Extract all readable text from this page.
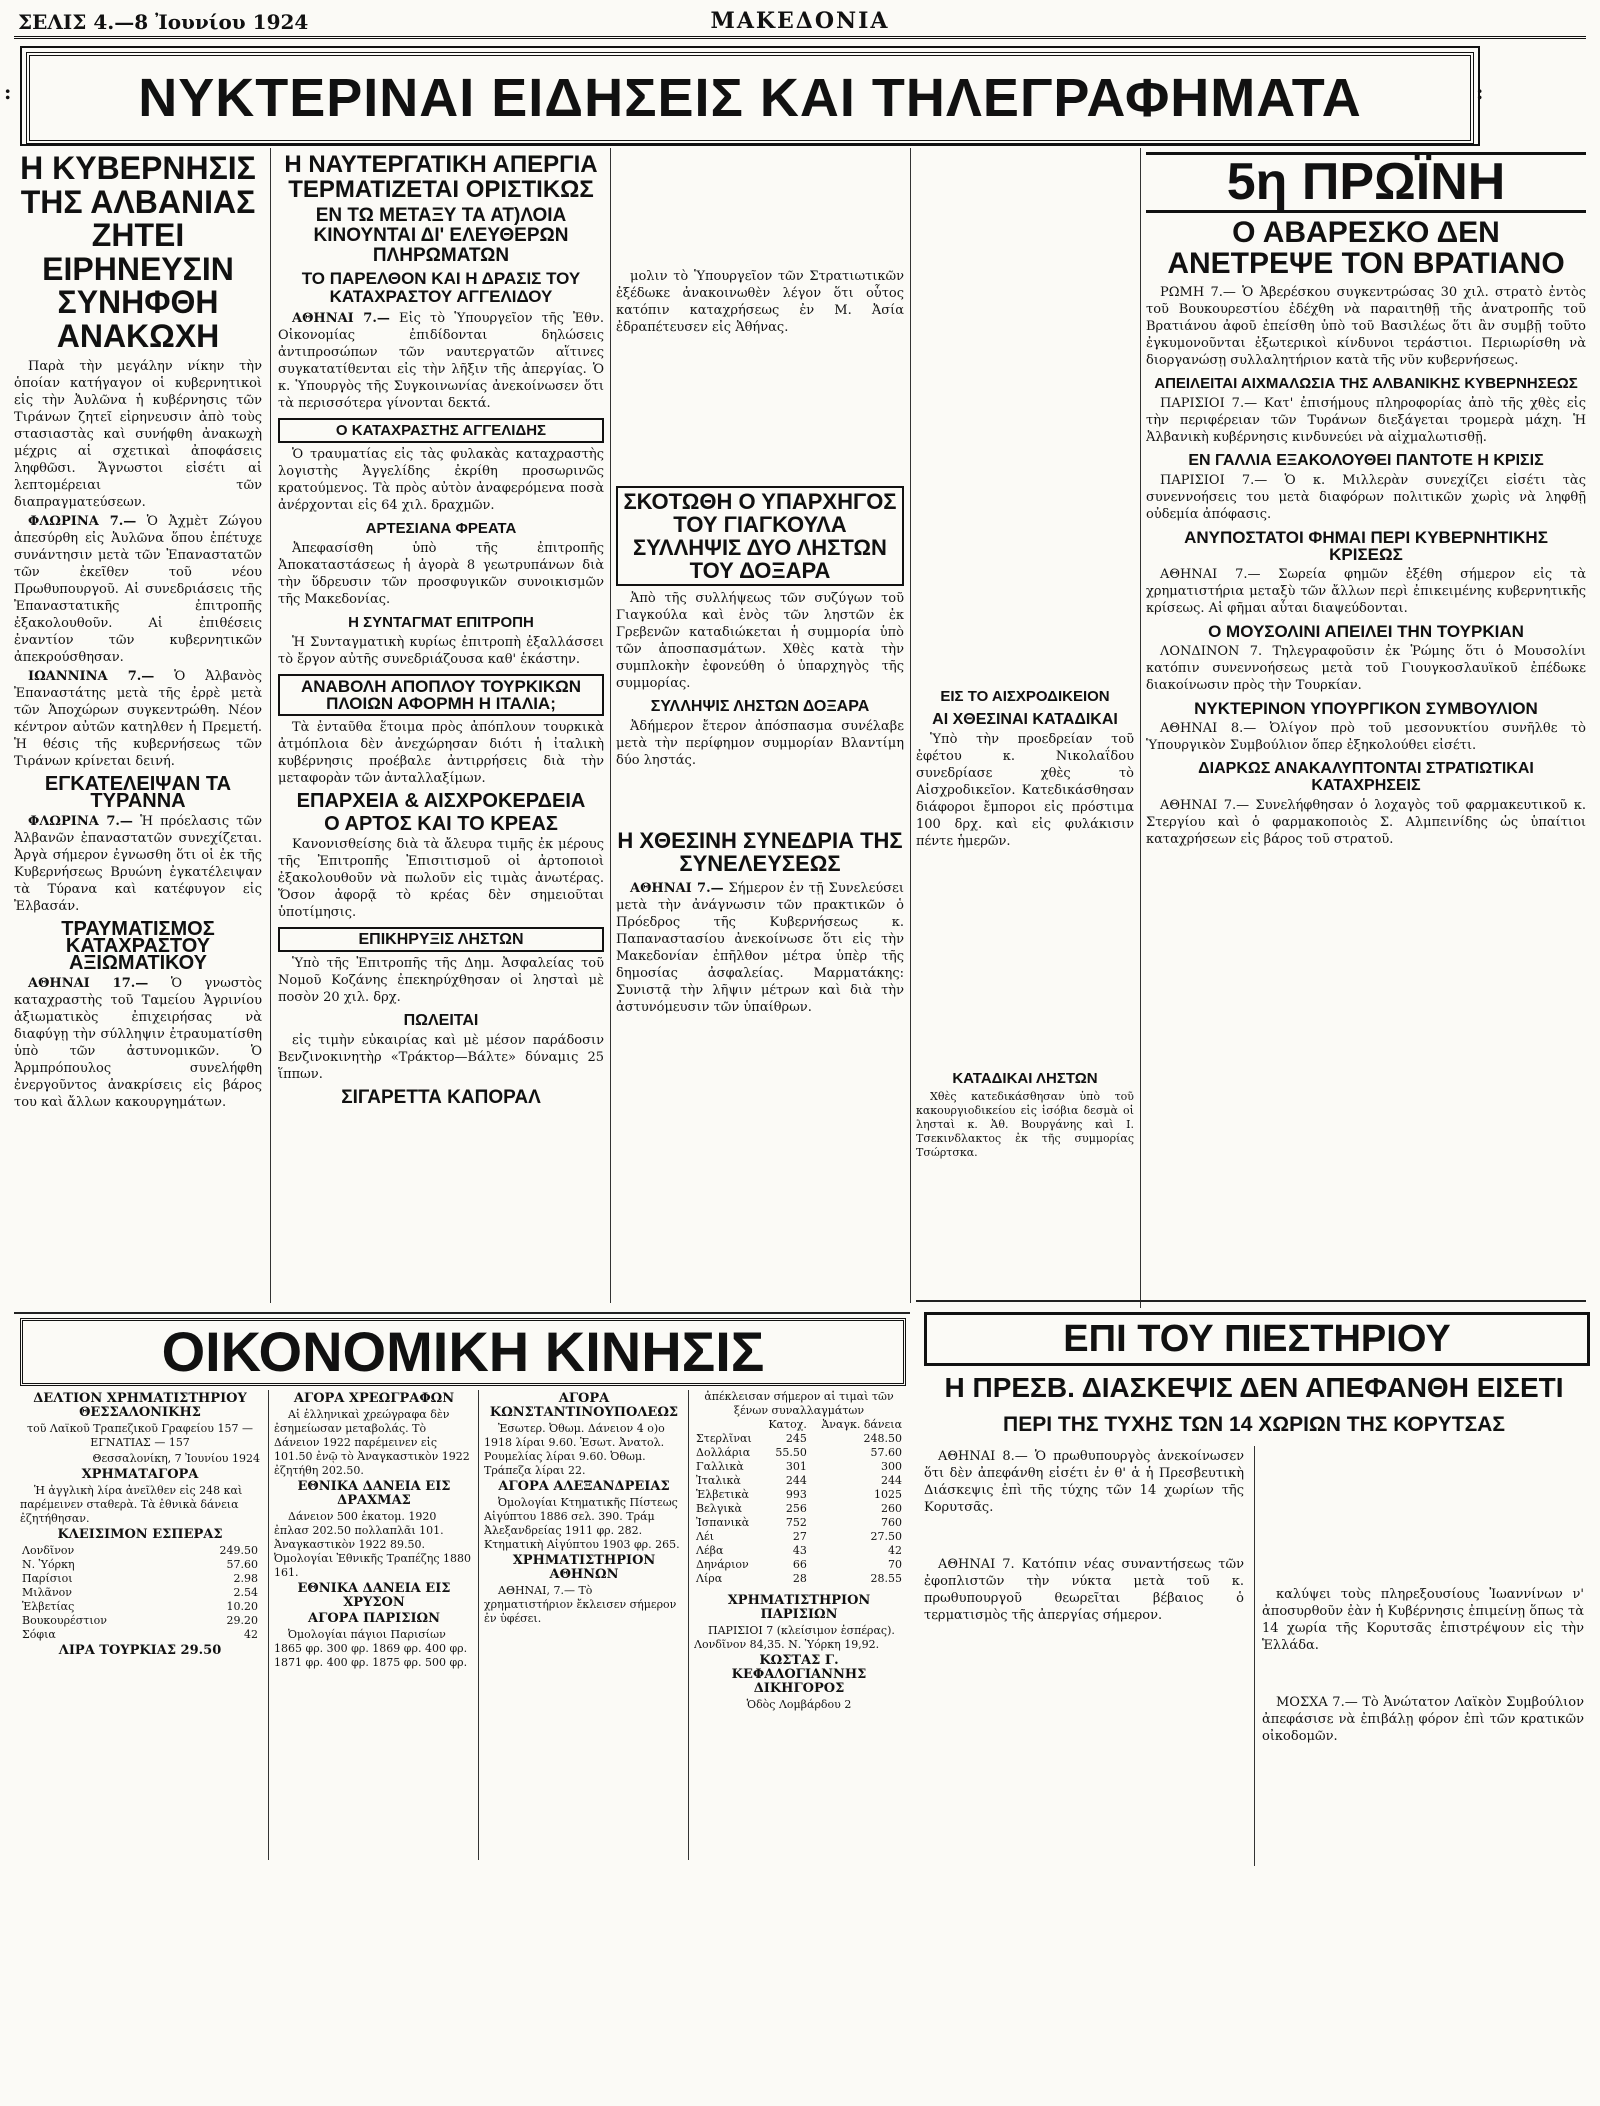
ΣΕΛΙΣ 4.—8 Ἰουνίου 1924	ΜΑΚΕΔΟΝΙΑ
ΝΥΚΤΕΡΙΝΑΙ ΕΙΔΗΣΕΙΣ ΚΑΙ ΤΗΛΕΓΡΑΦΗΜΑΤΑ
:	:
Η ΚΥΒΕΡΝΗΣΙΣ ΤΗΣ ΑΛΒΑΝΙΑΣ ΖΗΤΕΙ ΕΙΡΗΝΕΥΣΙΝ ΣΥΝΗΦΘΗ ΑΝΑΚΩΧΗ

Παρὰ τὴν μεγάλην νίκην τὴν ὁποίαν κατήγαγον οἱ κυβερνητικοὶ εἰς τὴν Ἀυλῶνα ἡ κυβέρνησις τῶν Τιράνων ζητεῖ εἰρηνευσιν ἀπὸ τοὺς στασιαστὰς καὶ συνήφθη ἀνακωχὴ μέχρις αἱ σχετικαὶ ἀποφάσεις ληφθῶσι. Ἄγνωστοι εἰσέτι αἱ λεπτομέρειαι τῶν διαπραγματεύσεων.

ΦΛΩΡΙΝΑ 7.— Ὁ Ἀχμὲτ Ζώγου ἀπεσύρθη εἰς Ἀυλῶνα ὅπου ἐπέτυχε συνάντησιν μετὰ τῶν Ἐπαναστατῶν τῶν ἐκεῖθεν τοῦ νέου Πρωθυπουργοῦ. Αἱ συνεδριάσεις τῆς Ἐπαναστατικῆς ἐπιτροπῆς ἐξακολουθοῦν. Αἱ ἐπιθέσεις ἐναντίον τῶν κυβερνητικῶν ἀπεκρούσθησαν.

ΙΩΑΝΝΙΝΑ 7.— Ὁ Ἀλβανὸς Ἐπαναστάτης μετὰ τῆς ἐρρὲ μετὰ τῶν Ἀποχώρων συγκεντρώθη. Νέον κέντρον αὐτῶν κατηλθεν ἡ Πρεμετή. Ἡ θέσις τῆς κυβερνήσεως τῶν Τιράνων κρίνεται δεινή.

ΕΓΚΑΤΕΛΕΙΨΑΝ ΤΑ ΤΥΡΑΝΝΑ

ΦΛΩΡΙΝΑ 7.— Ἡ πρόελασις τῶν Ἀλβανῶν ἐπαναστατῶν συνεχίζεται. Ἀργὰ σήμερον ἐγνωσθη ὅτι οἱ ἐκ τῆς Κυβερνήσεως Βρυώνη ἐγκατέλειψαν τὰ Τύρανα καὶ κατέφυγον εἰς Ἐλβασάν.

ΤΡΑΥΜΑΤΙΣΜΟΣ ΚΑΤΑΧΡΑΣΤΟΥ ΑΞΙΩΜΑΤΙΚΟΥ

ΑΘΗΝΑΙ 17.— Ὁ γνωστὸς καταχραστὴς τοῦ Ταμείου Ἀγρινίου ἀξιωματικὸς ἐπιχειρήσας νὰ διαφύγῃ τὴν σύλληψιν ἐτραυματίσθη ὑπὸ τῶν ἀστυνομικῶν. Ὁ Ἀρμπρόπουλος συνελήφθη ἐνεργοῦντος ἀνακρίσεις εἰς βάρος του καὶ ἄλλων κακουργημάτων.

Η ΝΑΥΤΕΡΓΑΤΙΚΗ ΑΠΕΡΓΙΑ ΤΕΡΜΑΤΙΖΕΤΑΙ ΟΡΙΣΤΙΚΩΣ
ΕΝ ΤΩ ΜΕΤΑΞΥ ΤΑ ΑΤ)ΛΟΙΑ ΚΙΝΟΥΝΤΑΙ ΔΙ' ΕΛΕΥΘΕΡΩΝ ΠΛΗΡΩΜΑΤΩΝ
ΤΟ ΠΑΡΕΛΘΟΝ ΚΑΙ Η ΔΡΑΣΙΣ ΤΟΥ ΚΑΤΑΧΡΑΣΤΟΥ ΑΓΓΕΛΙΔΟΥ

ΑΘΗΝΑΙ 7.— Εἰς τὸ Ὑπουργεῖον τῆς Ἐθν. Οἰκονομίας ἐπιδίδονται δηλώσεις ἀντιπροσώπων τῶν ναυτεργατῶν αἵτινες συγκατατίθενται εἰς τὴν λῆξιν τῆς ἀπεργίας. Ὁ κ. Ὑπουργὸς τῆς Συγκοινωνίας ἀνεκοίνωσεν ὅτι τὰ περισσότερα γίνονται δεκτά.

Ο ΚΑΤΑΧΡΑΣΤΗΣ ΑΓΓΕΛΙΔΗΣ

Ὁ τραυματίας εἰς τὰς φυλακὰς καταχραστὴς λογιστὴς Ἀγγελίδης ἐκρίθη προσωρινῶς κρατούμενος. Τὰ πρὸς αὐτὸν ἀναφερόμενα ποσὰ ἀνέρχονται εἰς 64 χιλ. δραχμῶν.

ΑΡΤΕΣΙΑΝΑ ΦΡΕΑΤΑ

Ἀπεφασίσθη ὑπὸ τῆς ἐπιτροπῆς Ἀποκαταστάσεως ἡ ἀγορὰ 8 γεωτρυπάνων διὰ τὴν ὕδρευσιν τῶν προσφυγικῶν συνοικισμῶν τῆς Μακεδονίας.

Η ΣΥΝΤΑΓΜΑΤ ΕΠΙΤΡΟΠΗ

Ἡ Συνταγματικὴ κυρίως ἐπιτροπὴ ἐξαλλάσσει τὸ ἔργον αὐτῆς συνεδριάζουσα καθ' ἑκάστην.

ΑΝΑΒΟΛΗ ΑΠΟΠΛΟΥ ΤΟΥΡΚΙΚΩΝ ΠΛΟΙΩΝ ΑΦΟΡΜΗ Η ΙΤΑΛΙΑ;

Τὰ ἐνταῦθα ἕτοιμα πρὸς ἀπόπλουν τουρκικὰ ἀτμόπλοια δὲν ἀνεχώρησαν διότι ἡ ἰταλικὴ κυβέρνησις προέβαλε ἀντιρρήσεις διὰ τὴν μεταφορὰν τῶν ἀνταλλαξίμων.

ΕΠΑΡΧΕΙΑ & ΑΙΣΧΡΟΚΕΡΔΕΙΑ
Ο ΑΡΤΟΣ ΚΑΙ ΤΟ ΚΡΕΑΣ

Κανονισθείσης διὰ τὰ ἄλευρα τιμῆς ἐκ μέρους τῆς Ἐπιτροπῆς Ἐπισιτισμοῦ οἱ ἀρτοποιοὶ ἐξακολουθοῦν νὰ πωλοῦν εἰς τιμὰς ἀνωτέρας. Ὅσον ἀφορᾷ τὸ κρέας δὲν σημειοῦται ὑποτίμησις.

ΕΠΙΚΗΡΥΞΙΣ ΛΗΣΤΩΝ

Ὑπὸ τῆς Ἐπιτροπῆς τῆς Δημ. Ἀσφαλείας τοῦ Νομοῦ Κοζάνης ἐπεκηρύχθησαν οἱ λησταὶ μὲ ποσὸν 20 χιλ. δρχ.

ΠΩΛΕΙΤΑΙ

εἰς τιμὴν εὐκαιρίας καὶ μὲ μέσον παράδοσιν Βενζινοκινητὴρ «Τράκτορ—Βάλτε» δύναμις 25 ἵππων.

ΣΙΓΑΡΕΤΤΑ ΚΑΠΟΡΑΛ

μολιν τὸ Ὑπουργεῖον τῶν Στρατιωτικῶν ἐξέδωκε ἀνακοινωθὲν λέγον ὅτι οὗτος κατόπιν καταχρήσεως ἐν Μ. Ἀσία ἐδραπέτευσεν εἰς Ἀθήνας.

ΣΚΟΤΩΘΗ Ο ΥΠΑΡΧΗΓΟΣ ΤΟΥ ΓΙΑΓΚΟΥΛΑ ΣΥΛΛΗΨΙΣ ΔΥΟ ΛΗΣΤΩΝ ΤΟΥ ΔΟΞΑΡΑ

Ἀπὸ τῆς συλλήψεως τῶν συζύγων τοῦ Γιαγκούλα καὶ ἑνὸς τῶν ληστῶν ἐκ Γρεβενῶν καταδιώκεται ἡ συμμορία ὑπὸ τῶν ἀποσπασμάτων. Χθὲς κατὰ τὴν συμπλοκὴν ἐφονεύθη ὁ ὑπαρχηγὸς τῆς συμμορίας.

ΣΥΛΛΗΨΙΣ ΛΗΣΤΩΝ ΔΟΞΑΡΑ

Ἀδήμερον ἔτερον ἀπόσπασμα συνέλαβε μετὰ τὴν περίφημον συμμορίαν Βλαντίμη δύο ληστάς.

Η ΧΘΕΣΙΝΗ ΣΥΝΕΔΡΙΑ ΤΗΣ ΣΥΝΕΛΕΥΣΕΩΣ

ΑΘΗΝΑΙ 7.— Σήμερον ἐν τῇ Συνελεύσει μετὰ τὴν ἀνάγνωσιν τῶν πρακτικῶν ὁ Πρόεδρος τῆς Κυβερνήσεως κ. Παπαναστασίου ἀνεκοίνωσε ὅτι εἰς τὴν Μακεδονίαν ἐπῆλθον μέτρα ὑπὲρ τῆς δημοσίας ἀσφαλείας. Μαρματάκης: Συνιστᾷ τὴν λῆψιν μέτρων καὶ διὰ τὴν ἀστυνόμευσιν τῶν ὑπαίθρων.

ΕΙΣ ΤΟ ΑΙΣΧΡΟΔΙΚΕΙΟΝ
ΑΙ ΧΘΕΣΙΝΑΙ ΚΑΤΑΔΙΚΑΙ

Ὑπὸ τὴν προεδρείαν τοῦ ἐφέτου κ. Νικολαΐδου συνεδρίασε χθὲς τὸ Αἰσχροδικεῖον. Κατεδικάσθησαν διάφοροι ἔμποροι εἰς πρόστιμα 100 δρχ. καὶ εἰς φυλάκισιν πέντε ἡμερῶν.

ΚΑΤΑΔΙΚΑΙ ΛΗΣΤΩΝ

Χθὲς κατεδικάσθησαν ὑπὸ τοῦ κακουργιοδικείου εἰς ἰσόβια δεσμὰ οἱ λησταὶ κ. Ἀθ. Βουργάνης καὶ Ι. Τσεκινδλακτος ἐκ τῆς συμμορίας Τσώρτσκα.

5η ΠΡΩΪΝΗ
Ο ΑΒΑΡΕΣΚΟ ΔΕΝ ΑΝΕΤΡΕΨΕ ΤΟΝ ΒΡΑΤΙΑΝΟ

ΡΩΜΗ 7.— Ὁ Ἀβερέσκου συγκεντρώσας 30 χιλ. στρατὸ ἐντὸς τοῦ Βουκουρεστίου ἐδέχθη νὰ παραιτηθῇ τῆς ἀνατροπῆς τοῦ Βρατιάνου ἀφοῦ ἐπείσθη ὑπὸ τοῦ Βασιλέως ὅτι ἂν συμβῇ τοῦτο ἐγκυμονοῦνται ἐξωτερικοὶ κίνδυνοι τεράστιοι. Περιωρίσθη νὰ διοργανώσῃ συλλαλητήριον κατὰ τῆς νῦν κυβερνήσεως.

ΑΠΕΙΛΕΙΤΑΙ ΑΙΧΜΑΛΩΣΙΑ ΤΗΣ ΑΛΒΑΝΙΚΗΣ ΚΥΒΕΡΝΗΣΕΩΣ

ΠΑΡΙΣΙΟΙ 7.— Κατ' ἐπισήμους πληροφορίας ἀπὸ τῆς χθὲς εἰς τὴν περιφέρειαν τῶν Τυράνων διεξάγεται τρομερὰ μάχη. Ἡ Ἀλβανικὴ κυβέρνησις κινδυνεύει νὰ αἰχμαλωτισθῇ.

ΕΝ ΓΑΛΛΙΑ ΕΞΑΚΟΛΟΥΘΕΙ ΠΑΝΤΟΤΕ Η ΚΡΙΣΙΣ

ΠΑΡΙΣΙΟΙ 7.— Ὁ κ. Μιλλερὰν συνεχίζει εἰσέτι τὰς συνεννοήσεις του μετὰ διαφόρων πολιτικῶν χωρὶς νὰ ληφθῇ οὐδεμία ἀπόφασις.

ΑΝΥΠΟΣΤΑΤΟΙ ΦΗΜΑΙ ΠΕΡΙ ΚΥΒΕΡΝΗΤΙΚΗΣ ΚΡΙΣΕΩΣ

ΑΘΗΝΑΙ 7.— Σωρεία φημῶν ἐξέθη σήμερον εἰς τὰ χρηματιστήρια μεταξὺ τῶν ἄλλων περὶ ἐπικειμένης κυβερνητικῆς κρίσεως. Αἱ φῆμαι αὗται διαψεύδονται.

Ο ΜΟΥΣΟΛΙΝΙ ΑΠΕΙΛΕΙ ΤΗΝ ΤΟΥΡΚΙΑΝ

ΛΟΝΔΙΝΟΝ 7. Τηλεγραφοῦσιν ἐκ Ῥώμης ὅτι ὁ Μουσολίνι κατόπιν συνεννοήσεως μετὰ τοῦ Γιουγκοσλαυϊκοῦ ἐπέδωκε διακοίνωσιν πρὸς τὴν Τουρκίαν.

ΝΥΚΤΕΡΙΝΟΝ ΥΠΟΥΡΓΙΚΟΝ ΣΥΜΒΟΥΛΙΟΝ

ΑΘΗΝΑΙ 8.— Ὀλίγον πρὸ τοῦ μεσονυκτίου συνῆλθε τὸ Ὑπουργικὸν Συμβούλιον ὅπερ ἐξηκολούθει εἰσέτι.

ΔΙΑΡΚΩΣ ΑΝΑΚΑΛΥΠΤΟΝΤΑΙ ΣΤΡΑΤΙΩΤΙΚΑΙ ΚΑΤΑΧΡΗΣΕΙΣ

ΑΘΗΝΑΙ 7.— Συνελήφθησαν ὁ λοχαγὸς τοῦ φαρμακευτικοῦ κ. Στεργίου καὶ ὁ φαρμακοποιὸς Σ. Αλμπεινίδης ὡς ὑπαίτιοι καταχρήσεων εἰς βάρος τοῦ στρατοῦ.

ΕΠΙ ΤΟΥ ΠΙΕΣΤΗΡΙΟΥ
Η ΠΡΕΣΒ. ΔΙΑΣΚΕΨΙΣ ΔΕΝ ΑΠΕΦΑΝΘΗ ΕΙΣΕΤΙ
ΠΕΡΙ ΤΗΣ ΤΥΧΗΣ ΤΩΝ 14 ΧΩΡΙΩΝ ΤΗΣ ΚΟΡΥΤΣΑΣ

ΑΘΗΝΑΙ 8.— Ὁ πρωθυπουργὸς ἀνεκοίνωσεν ὅτι δὲν ἀπεφάνθη εἰσέτι ἐν θ' ἁ ἡ Πρεσβευτικὴ Διάσκεψις ἐπὶ τῆς τύχης τῶν 14 χωρίων τῆς Κορυτσᾶς.

ΑΘΗΝΑΙ 7. Κατόπιν νέας συναντήσεως τῶν ἐφοπλιστῶν τὴν νύκτα μετὰ τοῦ κ. πρωθυπουργοῦ θεωρεῖται βέβαιος ὁ τερματισμὸς τῆς ἀπεργίας σήμερον.

καλύψει τοὺς πληρεξουσίους Ἰωαννίνων ν' ἀποσυρθοῦν ἐὰν ἡ Κυβέρνησις ἐπιμείνῃ ὅπως τὰ 14 χωρία τῆς Κορυτσᾶς ἐπιστρέψουν εἰς τὴν Ἑλλάδα.

ΜΟΣΧΑ 7.— Τὸ Ἀνώτατον Λαϊκὸν Συμβούλιον ἀπεφάσισε νὰ ἐπιβάλῃ φόρον ἐπὶ τῶν κρατικῶν οἰκοδομῶν.

ΟΙΚΟΝΟΜΙΚΗ ΚΙΝΗΣΙΣ
ΔΕΛΤΙΟΝ ΧΡΗΜΑΤΙΣΤΗΡΙΟΥ ΘΕΣΣΑΛΟΝΙΚΗΣ
τοῦ Λαϊκοῦ Τραπεζικοῦ Γραφείου 157 — ΕΓΝΑΤΙΑΣ — 157
Θεσσαλονίκη, 7 Ἰουνίου 1924
ΧΡΗΜΑΤΑΓΟΡΑ

Ἡ ἀγγλικὴ λίρα ἀνεῖλθεν εἰς 248 καὶ παρέμεινεν σταθερὰ. Τὰ ἐθνικὰ δάνεια ἐζητήθησαν.

ΚΛΕΙΣΙΜΟΝ ΕΣΠΕΡΑΣ
Λονδῖνον	249.50
Ν. Ὑόρκη	57.60
Παρίσιοι	2.98
Μιλᾶνον	2.54
Ἑλβετίας	10.20
Βουκουρέστιον	29.20
Σόφια	42
ΛΙΡΑ ΤΟΥΡΚΙΑΣ 29.50
ΑΓΟΡΑ ΧΡΕΩΓΡΑΦΩΝ

Αἱ ἑλληνικαὶ χρεώγραφα δὲν ἐσημείωσαν μεταβολάς. Τὸ Δάνειον 1922 παρέμεινεν εἰς 101.50 ἐνῷ τὸ Ἀναγκαστικὸν 1922 ἐζητήθη 202.50.

ΕΘΝΙΚΑ ΔΑΝΕΙΑ ΕΙΣ ΔΡΑΧΜΑΣ

Δάνειον 500 ἑκατομ. 1920 ἐπλασ 202.50 πολλαπλᾶι 101. Ἀναγκαστικὸν 1922 89.50. Ὀμολογίαι Ἐθνικῆς Τραπέζης 1880 161.

ΕΘΝΙΚΑ ΔΑΝΕΙΑ ΕΙΣ ΧΡΥΣΟΝ
ΑΓΟΡΑ ΠΑΡΙΣΙΩΝ

Ὀμολογίαι πάγιοι Παρισίων 1865 φρ. 300 φρ. 1869 φρ. 400 φρ. 1871 φρ. 400 φρ. 1875 φρ. 500 φρ.

ΑΓΟΡΑ ΚΩΝΣΤΑΝΤΙΝΟΥΠΟΛΕΩΣ

Ἐσωτερ. Ὀθωμ. Δάνειον 4 ο)ο 1918 λίραι 9.60. Ἐσωτ. Ἀνατολ. Ρουμελίας λίραι 9.60. Ὀθωμ. Τράπεζα λίραι 22.

ΑΓΟΡΑ ΑΛΕΞΑΝΔΡΕΙΑΣ

Ὀμολογίαι Κτηματικῆς Πίστεως Αἰγύπτου 1886 σελ. 390. Τράμ Ἀλεξανδρείας 1911 φρ. 282. Κτηματικὴ Αἰγύπτου 1903 φρ. 265.

ΧΡΗΜΑΤΙΣΤΗΡΙΟΝ ΑΘΗΝΩΝ

ΑΘΗΝΑΙ, 7.— Τὸ χρηματιστήριον ἔκλεισεν σήμερον ἐν ὑφέσει.

ἀπέκλεισαν σήμερον αἱ τιμαὶ τῶν ξένων συναλλαγμάτων
	Κατοχ.	Ἀναγκ. δάνεια
Στερλῖναι	245	248.50
Δολλάρια	55.50	57.60
Γαλλικὰ	301	300
Ἰταλικὰ	244	244
Ἑλβετικὰ	993	1025
Βελγικὰ	256	260
Ἰσπανικὰ	752	760
Λέι	27	27.50
Λέβα	43	42
Δηνάριον	66	70
Λίρα	28	28.55
ΧΡΗΜΑΤΙΣΤΗΡΙΟΝ ΠΑΡΙΣΙΩΝ

ΠΑΡΙΣΙΟΙ 7 (κλείσιμον ἑσπέρας). Λονδῖνον 84,35. Ν. Ὑόρκη 19,92.

ΚΩΣΤΑΣ Γ. ΚΕΦΑΛΟΓΙΑΝΝΗΣ ΔΙΚΗΓΟΡΟΣ
Ὁδὸς Λομβάρδου 2
